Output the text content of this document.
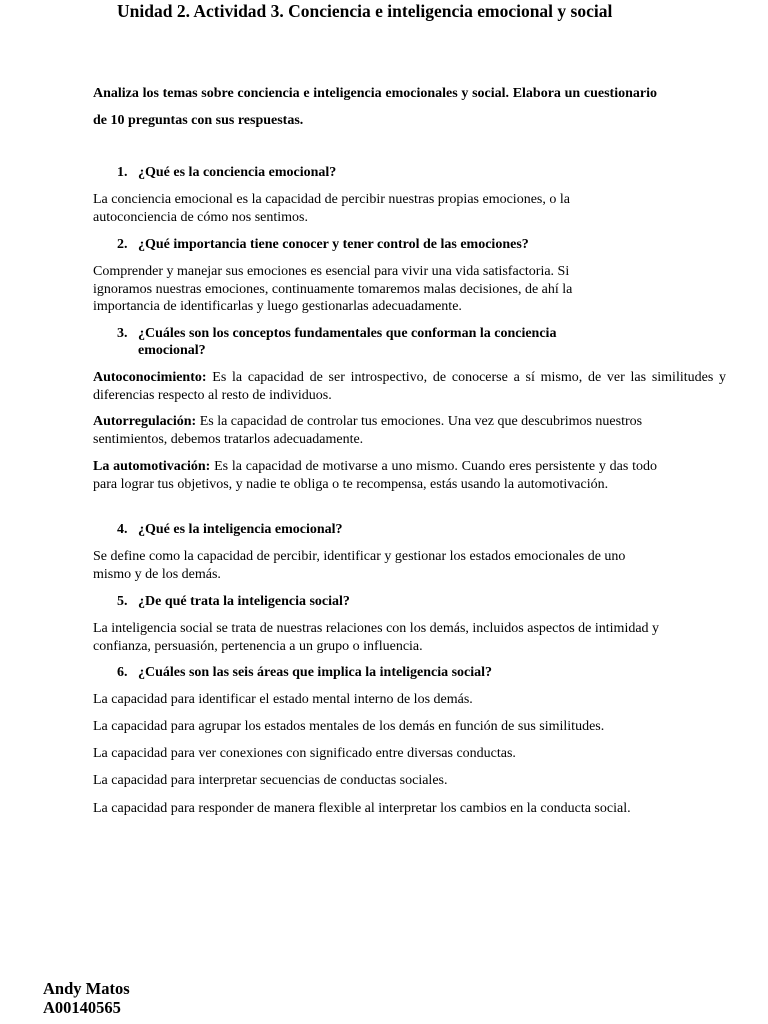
Unidad 2. Actividad 3. Conciencia e inteligencia emocional y social

Analiza los temas sobre conciencia e inteligencia emocionales y social. Elabora un cuestionario de 10 preguntas con sus respuestas.

1. ¿Qué es la conciencia emocional?

La conciencia emocional es la capacidad de percibir nuestras propias emociones, o la autoconciencia de cómo nos sentimos.

2. ¿Qué importancia tiene conocer y tener control de las emociones?

Comprender y manejar sus emociones es esencial para vivir una vida satisfactoria. Si ignoramos nuestras emociones, continuamente tomaremos malas decisiones, de ahí la importancia de identificarlas y luego gestionarlas adecuadamente.

3. ¿Cuáles son los conceptos fundamentales que conforman la conciencia
emocional?

Autoconocimiento: Es la capacidad de ser introspectivo, de conocerse a sí mismo, de ver las similitudes y diferencias respecto al resto de individuos.

Autorregulación: Es la capacidad de controlar tus emociones. Una vez que descubrimos nuestros sentimientos, debemos tratarlos adecuadamente.

La automotivación: Es la capacidad de motivarse a uno mismo. Cuando eres persistente y das todo para lograr tus objetivos, y nadie te obliga o te recompensa, estás usando la automotivación.

4. ¿Qué es la inteligencia emocional?

Se define como la capacidad de percibir, identificar y gestionar los estados emocionales de uno mismo y de los demás.

5. ¿De qué trata la inteligencia social?

La inteligencia social se trata de nuestras relaciones con los demás, incluidos aspectos de intimidad y confianza, persuasión, pertenencia a un grupo o influencia.

6. ¿Cuáles son las seis áreas que implica la inteligencia social?

La capacidad para identificar el estado mental interno de los demás.

La capacidad para agrupar los estados mentales de los demás en función de sus similitudes.

La capacidad para ver conexiones con significado entre diversas conductas.

La capacidad para interpretar secuencias de conductas sociales.

La capacidad para responder de manera flexible al interpretar los cambios en la conducta social.

Andy Matos
A00140565
